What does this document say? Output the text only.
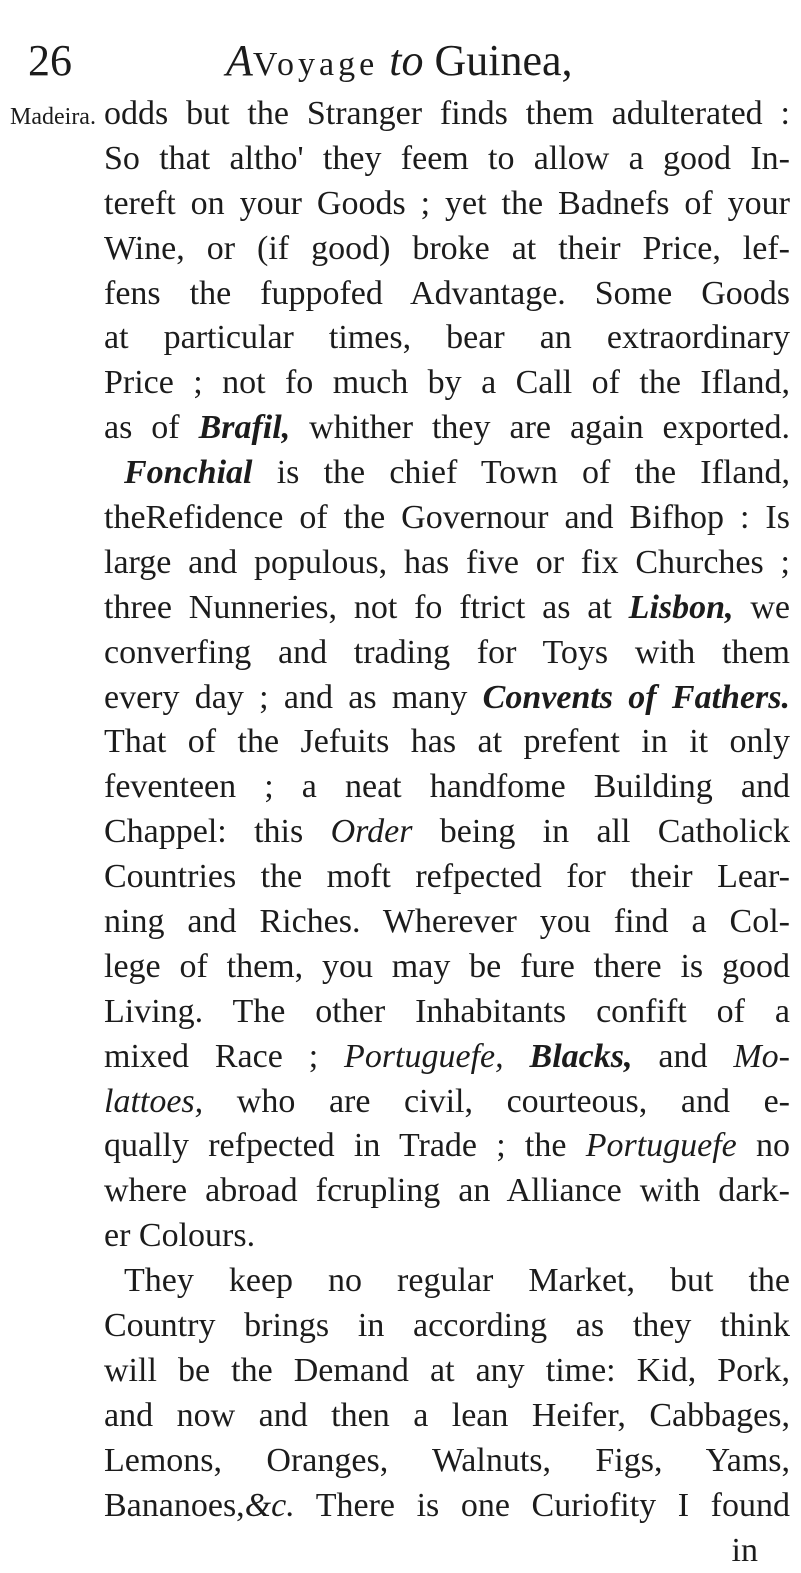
26	AVoyage to Guinea,
Madeira. odds but the Stranger finds them adulterated :
So that altho' they feem to allow a good In-
tereft on your Goods ; yet the Badnefs of your
Wine, or (if good) broke at their Price, lef-
fens the fuppofed Advantage. Some Goods
at particular times, bear an extraordinary
Price ; not fo much by a Call of the Ifland,
as of Brafil, whither they are again exported.
Fonchial is the chief Town of the Ifland,
theRefidence of the Governour and Bifhop : Is
large and populous, has five or fix Churches ;
three Nunneries, not fo ftrict as at Lisbon, we
converfing and trading for Toys with them
every day ; and as many Convents of Fathers.
That of the Jefuits has at prefent in it only
feventeen ; a neat handfome Building and
Chappel: this Order being in all Catholick
Countries the moft refpected for their Lear-
ning and Riches. Wherever you find a Col-
lege of them, you may be fure there is good
Living. The other Inhabitants confift of a
mixed Race ; Portuguefe, Blacks, and Mo-
lattoes, who are civil, courteous, and e-
qually refpected in Trade ; the Portuguefe no
where abroad fcrupling an Alliance with dark-
er Colours.
They keep no regular Market, but the
Country brings in according as they think
will be the Demand at any time: Kid, Pork,
and now and then a lean Heifer, Cabbages,
Lemons, Oranges, Walnuts, Figs, Yams,
Bananoes,&c. There is one Curiofity I found
in
